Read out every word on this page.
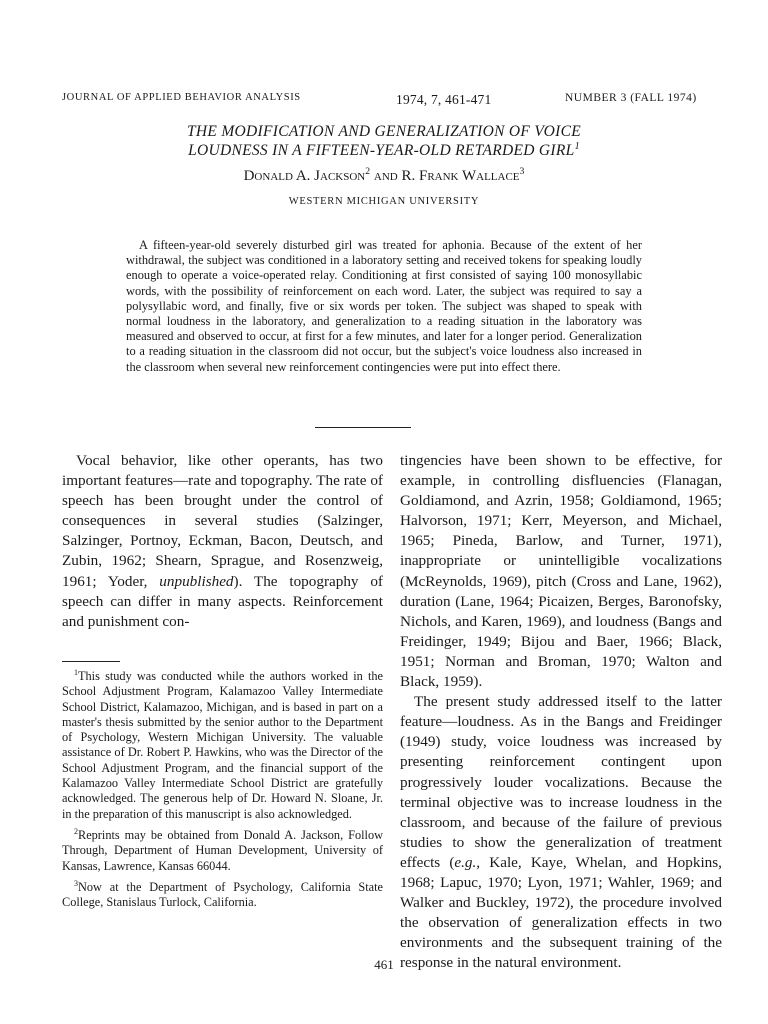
JOURNAL OF APPLIED BEHAVIOR ANALYSIS	1974, 7, 461-471	NUMBER 3 (FALL 1974)
THE MODIFICATION AND GENERALIZATION OF VOICE
LOUDNESS IN A FIFTEEN-YEAR-OLD RETARDED GIRL$^1$
Donald A. Jackson$^2$ and R. Frank Wallace$^3$
WESTERN MICHIGAN UNIVERSITY

A fifteen-year-old severely disturbed girl was treated for aphonia. Because of the extent of her withdrawal, the subject was conditioned in a laboratory setting and received tokens for speaking loudly enough to operate a voice-operated relay. Conditioning at first consisted of saying 100 monosyllabic words, with the possibility of reinforcement on each word. Later, the subject was required to say a polysyllabic word, and finally, five or six words per token. The subject was shaped to speak with normal loudness in the laboratory, and generalization to a reading situation in the laboratory was measured and observed to occur, at first for a few minutes, and later for a longer period. Generalization to a reading situation in the classroom did not occur, but the subject's voice loudness also increased in the classroom when several new reinforcement contingencies were put into effect there.

Vocal behavior, like other operants, has two important features—rate and topography. The rate of speech has been brought under the control of consequences in several studies (Salzinger, Salzinger, Portnoy, Eckman, Bacon, Deutsch, and Zubin, 1962; Shearn, Sprague, and Rosenzweig, 1961; Yoder, unpublished). The topography of speech can differ in many aspects. Reinforcement and punishment con-

tingencies have been shown to be effective, for example, in controlling disfluencies (Flanagan, Goldiamond, and Azrin, 1958; Goldiamond, 1965; Halvorson, 1971; Kerr, Meyerson, and Michael, 1965; Pineda, Barlow, and Turner, 1971), inappropriate or unintelligible vocalizations (McReynolds, 1969), pitch (Cross and Lane, 1962), duration (Lane, 1964; Picaizen, Berges, Baronofsky, Nichols, and Karen, 1969), and loudness (Bangs and Freidinger, 1949; Bijou and Baer, 1966; Black, 1951; Norman and Broman, 1970; Walton and Black, 1959).

The present study addressed itself to the latter feature—loudness. As in the Bangs and Freidinger (1949) study, voice loudness was increased by presenting reinforcement contingent upon progressively louder vocalizations. Because the terminal objective was to increase loudness in the classroom, and because of the failure of previous studies to show the generalization of treatment effects (e.g., Kale, Kaye, Whelan, and Hopkins, 1968; Lapuc, 1970; Lyon, 1971; Wahler, 1969; and Walker and Buckley, 1972), the procedure involved the observation of generalization effects in two environments and the subsequent training of the response in the natural environment.

$^1$This study was conducted while the authors worked in the School Adjustment Program, Kalamazoo Valley Intermediate School District, Kalamazoo, Michigan, and is based in part on a master's thesis submitted by the senior author to the Department of Psychology, Western Michigan University. The valuable assistance of Dr. Robert P. Hawkins, who was the Director of the School Adjustment Program, and the financial support of the Kalamazoo Valley Intermediate School District are gratefully acknowledged. The generous help of Dr. Howard N. Sloane, Jr. in the preparation of this manuscript is also acknowledged.

$^2$Reprints may be obtained from Donald A. Jackson, Follow Through, Department of Human Development, University of Kansas, Lawrence, Kansas 66044.

$^3$Now at the Department of Psychology, California State College, Stanislaus Turlock, California.

461
